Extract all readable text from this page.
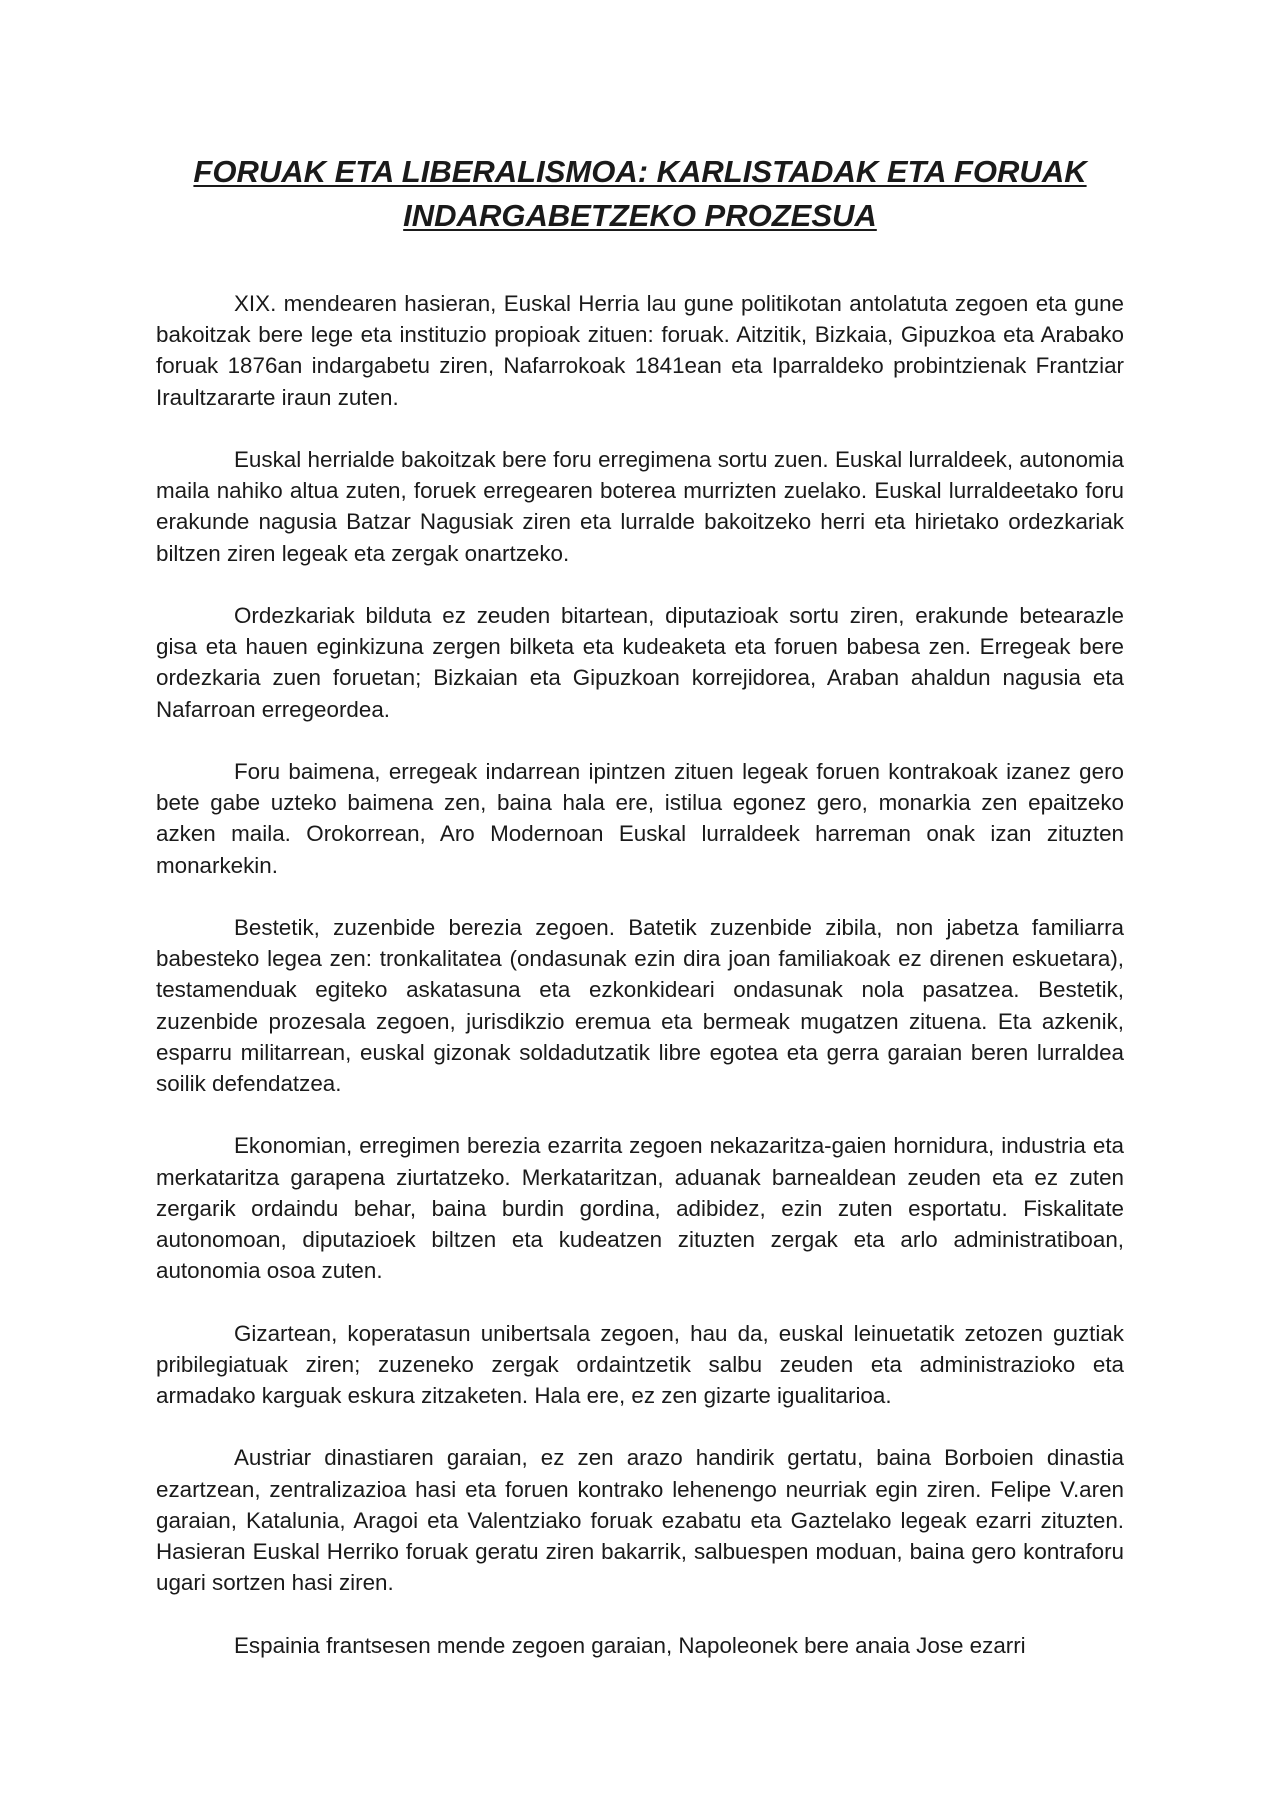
FORUAK ETA LIBERALISMOA: KARLISTADAK ETA FORUAK
INDARGABETZEKO PROZESUA

XIX. mendearen hasieran, Euskal Herria lau gune politikotan antolatuta zegoen eta gune bakoitzak bere lege eta instituzio propioak zituen: foruak. Aitzitik, Bizkaia, Gipuzkoa eta Arabako foruak 1876an indargabetu ziren, Nafarrokoak 1841ean eta Iparraldeko probintzienak Frantziar Iraultzararte iraun zuten.

Euskal herrialde bakoitzak bere foru erregimena sortu zuen. Euskal lurraldeek, autonomia maila nahiko altua zuten, foruek erregearen boterea murrizten zuelako. Euskal lurraldeetako foru erakunde nagusia Batzar Nagusiak ziren eta lurralde bakoitzeko herri eta hirietako ordezkariak biltzen ziren legeak eta zergak onartzeko.

Ordezkariak bilduta ez zeuden bitartean, diputazioak sortu ziren, erakunde betearazle gisa eta hauen eginkizuna zergen bilketa eta kudeaketa eta foruen babesa zen. Erregeak bere ordezkaria zuen foruetan; Bizkaian eta Gipuzkoan korrejidorea, Araban ahaldun nagusia eta Nafarroan erregeordea.

Foru baimena, erregeak indarrean ipintzen zituen legeak foruen kontrakoak izanez gero bete gabe uzteko baimena zen, baina hala ere, istilua egonez gero, monarkia zen epaitzeko azken maila. Orokorrean, Aro Modernoan Euskal lurraldeek harreman onak izan zituzten monarkekin.

Bestetik, zuzenbide berezia zegoen. Batetik zuzenbide zibila, non jabetza familiarra babesteko legea zen: tronkalitatea (ondasunak ezin dira joan familiakoak ez direnen eskuetara), testamenduak egiteko askatasuna eta ezkonkideari ondasunak nola pasatzea. Bestetik, zuzenbide prozesala zegoen, jurisdikzio eremua eta bermeak mugatzen zituena. Eta azkenik, esparru militarrean, euskal gizonak soldadutzatik libre egotea eta gerra garaian beren lurraldea soilik defendatzea.

Ekonomian, erregimen berezia ezarrita zegoen nekazaritza-gaien hornidura, industria eta merkataritza garapena ziurtatzeko. Merkataritzan, aduanak barnealdean zeuden eta ez zuten zergarik ordaindu behar, baina burdin gordina, adibidez, ezin zuten esportatu. Fiskalitate autonomoan, diputazioek biltzen eta kudeatzen zituzten zergak eta arlo administratiboan, autonomia osoa zuten.

Gizartean, koperatasun unibertsala zegoen, hau da, euskal leinuetatik zetozen guztiak pribilegiatuak ziren; zuzeneko zergak ordaintzetik salbu zeuden eta administrazioko eta armadako karguak eskura zitzaketen. Hala ere, ez zen gizarte igualitarioa.

Austriar dinastiaren garaian, ez zen arazo handirik gertatu, baina Borboien dinastia ezartzean, zentralizazioa hasi eta foruen kontrako lehenengo neurriak egin ziren. Felipe V.aren garaian, Katalunia, Aragoi eta Valentziako foruak ezabatu eta Gaztelako legeak ezarri zituzten. Hasieran Euskal Herriko foruak geratu ziren bakarrik, salbuespen moduan, baina gero kontraforu ugari sortzen hasi ziren.

Espainia frantsesen mende zegoen garaian, Napoleonek bere anaia Jose ezarri
